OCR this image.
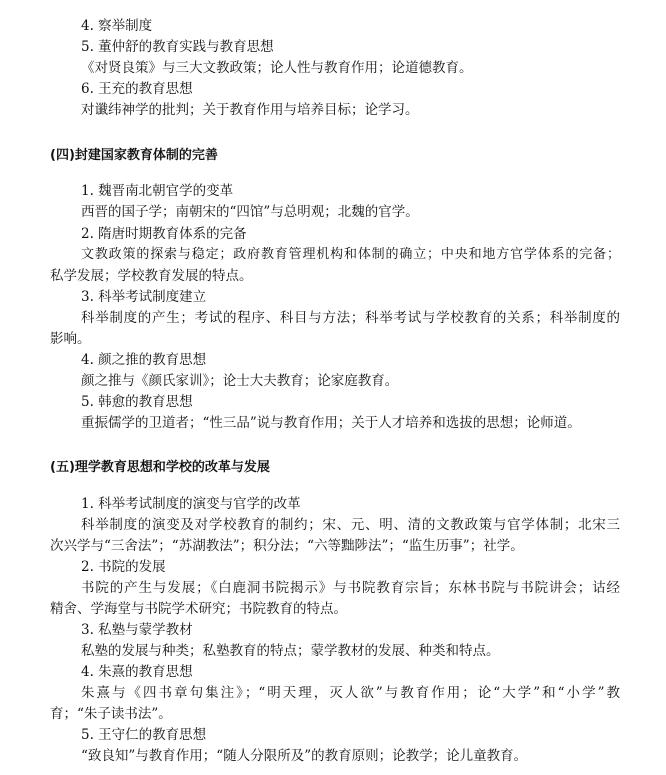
4. 察举制度
5. 董仲舒的教育实践与教育思想
《对贤良策》与三大文教政策；论人性与教育作用；论道德教育。
6. 王充的教育思想
对谶纬神学的批判；关于教育作用与培养目标；论学习。
(四)封建国家教育体制的完善
1. 魏晋南北朝官学的变革
西晋的国子学；南朝宋的“四馆”与总明观；北魏的官学。
2. 隋唐时期教育体系的完备
文教政策的探索与稳定；政府教育管理机构和体制的确立；中央和地方官学体系的完备；
私学发展；学校教育发展的特点。
3. 科举考试制度建立
科举制度的产生；考试的程序、科目与方法；科举考试与学校教育的关系；科举制度的
影响。
4. 颜之推的教育思想
颜之推与《颜氏家训》；论士大夫教育；论家庭教育。
5. 韩愈的教育思想
重振儒学的卫道者；“性三品”说与教育作用；关于人才培养和选拔的思想；论师道。
(五)理学教育思想和学校的改革与发展
1. 科举考试制度的演变与官学的改革
科举制度的演变及对学校教育的制约；宋、元、明、清的文教政策与官学体制；北宋三
次兴学与“三舍法”；“苏湖教法”；积分法；“六等黜陟法”；“监生历事”；社学。
2. 书院的发展
书院的产生与发展；《白鹿洞书院揭示》与书院教育宗旨；东林书院与书院讲会；诂经
精舍、学海堂与书院学术研究；书院教育的特点。
3. 私塾与蒙学教材
私塾的发展与种类；私塾教育的特点；蒙学教材的发展、种类和特点。
4. 朱熹的教育思想
朱熹与《四书章句集注》；“明天理，灭人欲”与教育作用；论“大学”和“小学”教
育；“朱子读书法”。
5. 王守仁的教育思想
“致良知”与教育作用；“随人分限所及”的教育原则；论教学；论儿童教育。
